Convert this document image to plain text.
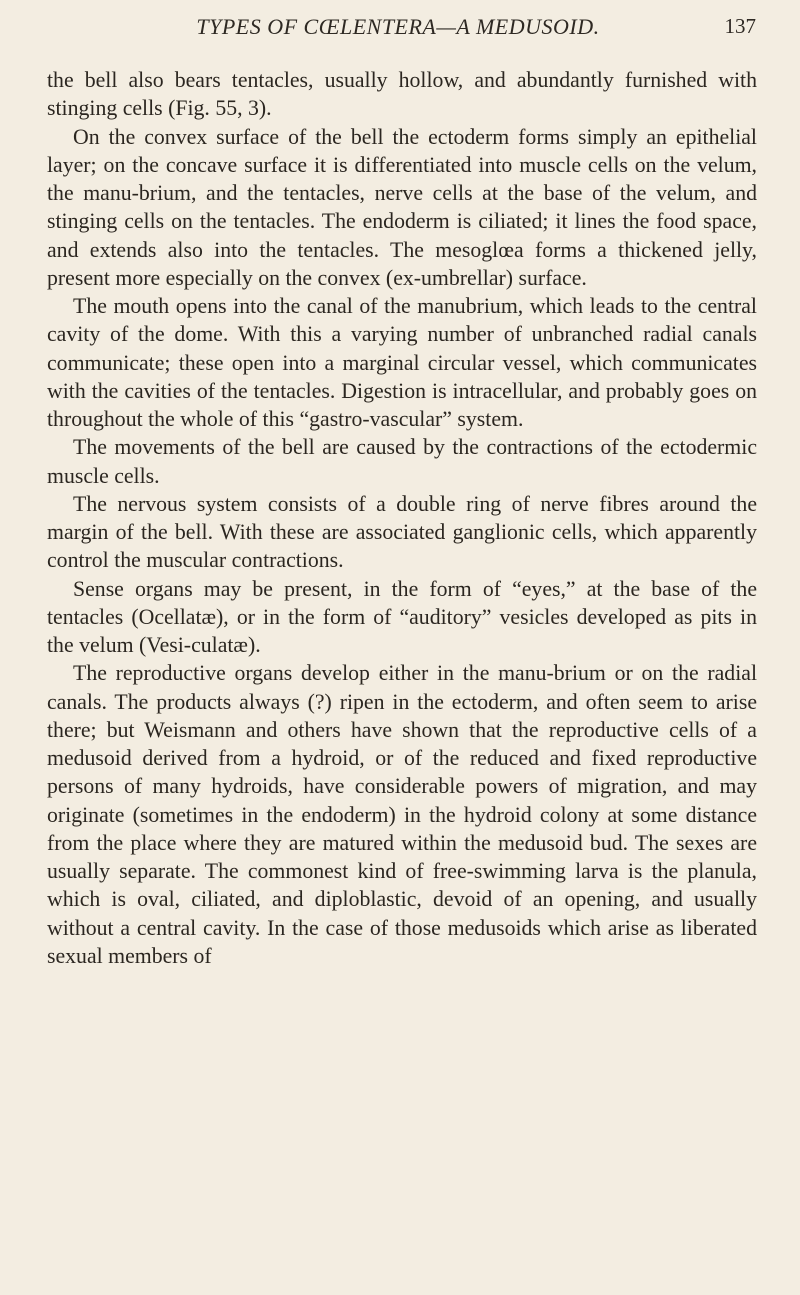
TYPES OF CŒLENTERA—A MEDUSOID.	137

the bell also bears tentacles, usually hollow, and abundantly furnished with stinging cells (Fig. 55, 3).

On the convex surface of the bell the ectoderm forms simply an epithelial layer; on the concave surface it is differentiated into muscle cells on the velum, the manu-brium, and the tentacles, nerve cells at the base of the velum, and stinging cells on the tentacles. The endoderm is ciliated; it lines the food space, and extends also into the tentacles. The mesoglœa forms a thickened jelly, present more especially on the convex (ex-umbrellar) surface.

The mouth opens into the canal of the manubrium, which leads to the central cavity of the dome. With this a varying number of unbranched radial canals communicate; these open into a marginal circular vessel, which communicates with the cavities of the tentacles. Digestion is intracellular, and probably goes on throughout the whole of this “gastro-vascular” system.

The movements of the bell are caused by the contractions of the ectodermic muscle cells.

The nervous system consists of a double ring of nerve fibres around the margin of the bell. With these are associated ganglionic cells, which apparently control the muscular contractions.

Sense organs may be present, in the form of “eyes,” at the base of the tentacles (Ocellatæ), or in the form of “auditory” vesicles developed as pits in the velum (Vesi-culatæ).

The reproductive organs develop either in the manu-brium or on the radial canals. The products always (?) ripen in the ectoderm, and often seem to arise there; but Weismann and others have shown that the reproductive cells of a medusoid derived from a hydroid, or of the reduced and fixed reproductive persons of many hydroids, have considerable powers of migration, and may originate (sometimes in the endoderm) in the hydroid colony at some distance from the place where they are matured within the medusoid bud. The sexes are usually separate. The commonest kind of free-swimming larva is the planula, which is oval, ciliated, and diploblastic, devoid of an opening, and usually without a central cavity. In the case of those medusoids which arise as liberated sexual members of
